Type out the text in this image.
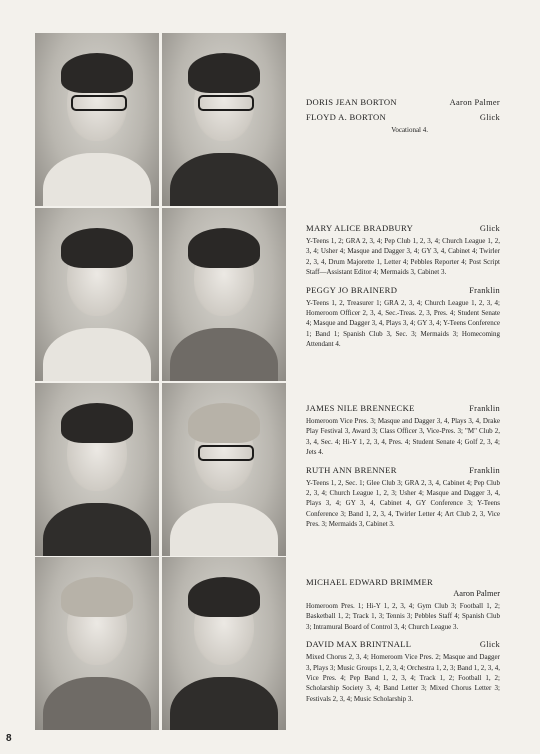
DORIS JEAN BORTON	Aaron Palmer
FLOYD A. BORTON	Glick
Vocational 4.
MARY ALICE BRADBURY	Glick
Y-Teens 1, 2; GRA 2, 3, 4; Pep Club 1, 2, 3, 4; Church League 1, 2, 3, 4; Usher 4; Masque and Dagger 3, 4; GY 3, 4, Cabinet 4; Twirler 2, 3, 4, Drum Majorette 1, Letter 4; Pebbles Reporter 4; Post Script Staff—Assistant Editor 4; Mermaids 3, Cabinet 3.
PEGGY JO BRAINERD	Franklin
Y-Teens 1, 2, Treasurer 1; GRA 2, 3, 4; Church League 1, 2, 3, 4; Homeroom Officer 2, 3, 4, Sec.-Treas. 2, 3, Pres. 4; Student Senate 4; Masque and Dagger 3, 4, Plays 3, 4; GY 3, 4; Y-Teens Conference 1; Band 1; Spanish Club 3, Sec. 3; Mermaids 3; Homecoming Attendant 4.
JAMES NILE BRENNECKE	Franklin
Homeroom Vice Pres. 3; Masque and Dagger 3, 4, Plays 3, 4, Drake Play Festival 3, Award 3; Class Officer 3, Vice-Pres. 3; "M" Club 2, 3, 4, Sec. 4; Hi-Y 1, 2, 3, 4, Pres. 4; Student Senate 4; Golf 2, 3, 4; Jets 4.
RUTH ANN BRENNER	Franklin
Y-Teens 1, 2, Sec. 1; Glee Club 3; GRA 2, 3, 4, Cabinet 4; Pep Club 2, 3, 4; Church League 1, 2, 3; Usher 4; Masque and Dagger 3, 4, Plays 3, 4; GY 3, 4, Cabinet 4, GY Conference 3; Y-Teens Conference 3; Band 1, 2, 3, 4, Twirler Letter 4; Art Club 2, 3, Vice Pres. 3; Mermaids 3, Cabinet 3.
MICHAEL EDWARD BRIMMER
Aaron Palmer
Homeroom Pres. 1; Hi-Y 1, 2, 3, 4; Gym Club 3; Football 1, 2; Basketball 1, 2; Track 1, 3; Tennis 3; Pebbles Staff 4; Spanish Club 3; Intramural Board of Control 3, 4; Church League 3.
DAVID MAX BRINTNALL	Glick
Mixed Chorus 2, 3, 4; Homeroom Vice Pres. 2; Masque and Dagger 3, Plays 3; Music Groups 1, 2, 3, 4; Orchestra 1, 2, 3; Band 1, 2, 3, 4, Vice Pres. 4; Pep Band 1, 2, 3, 4; Track 1, 2; Football 1, 2; Scholarship Society 3, 4; Band Letter 3; Mixed Chorus Letter 3; Festivals 2, 3, 4; Music Scholarship 3.
8
